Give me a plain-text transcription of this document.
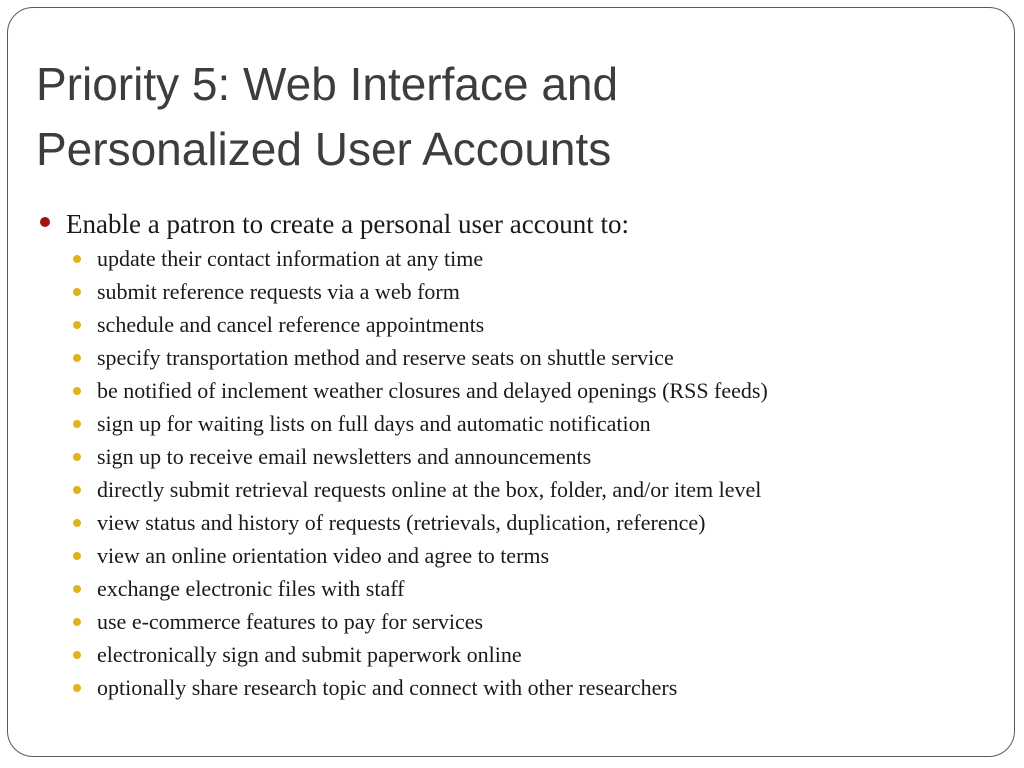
Priority 5: Web Interface and
Personalized User Accounts
Enable a patron to create a personal user account to:
update their contact information at any time
submit reference requests via a web form
schedule and cancel reference appointments
specify transportation method and reserve seats on shuttle service
be notified of inclement weather closures and delayed openings (RSS feeds)
sign up for waiting lists on full days and automatic notification
sign up to receive email newsletters and announcements
directly submit retrieval requests online at the box, folder, and/or item level
view status and history of requests (retrievals, duplication, reference)
view an online orientation video and agree to terms
exchange electronic files with staff
use e-commerce features to pay for services
electronically sign and submit paperwork online
optionally share research topic and connect with other researchers
